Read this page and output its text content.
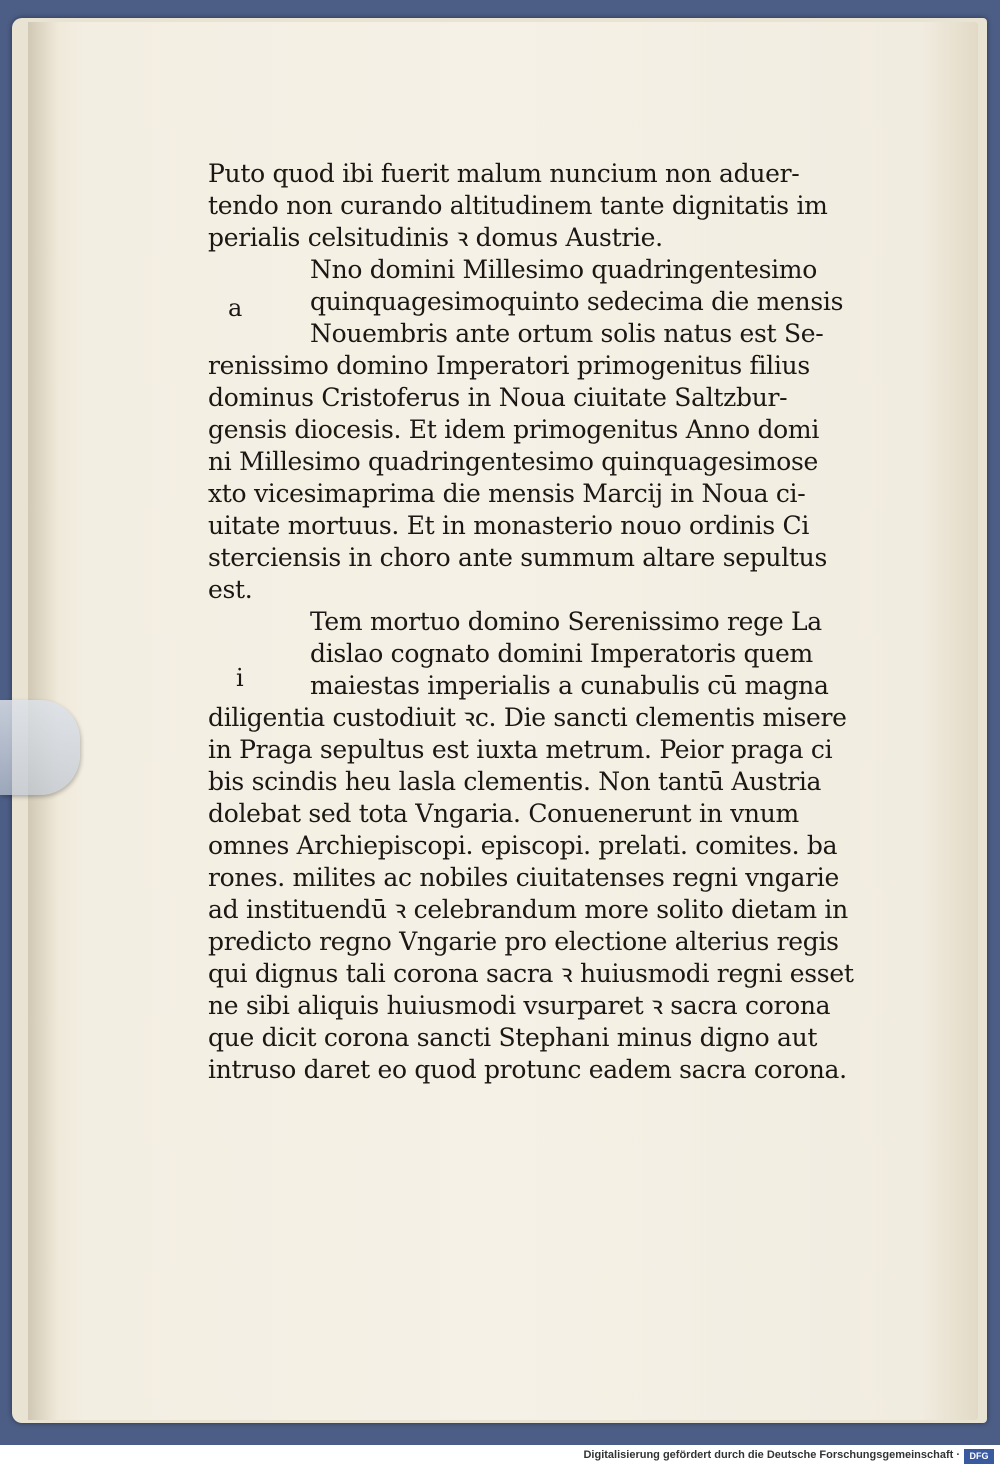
a
i
Puto quod ibi fuerit malum nuncium non aduer-
tendo non curando altitudinem tante dignitatis im
perialis celsitudinis ꝛ domus Austrie.
Nno domini Millesimo quadringentesimo
quinquagesimoquinto sedecima die mensis
Nouembris ante ortum solis natus est Se-
renissimo domino Imperatori primogenitus filius
dominus Cristoferus in Noua ciuitate Saltzbur-
gensis diocesis. Et idem primogenitus Anno domi
ni Millesimo quadringentesimo quinquagesimose
xto vicesimaprima die mensis Marcij in Noua ci-
uitate mortuus. Et in monasterio nouo ordinis Ci
sterciensis in choro ante summum altare sepultus
est.
Tem mortuo domino Serenissimo rege La
dislao cognato domini Imperatoris quem
maiestas imperialis a cunabulis cū magna
diligentia custodiuit ꝛc. Die sancti clementis misere
in Praga sepultus est iuxta metrum. Peior praga ci
bis scindis heu lasla clementis. Non tantū Austria
dolebat sed tota Vngaria. Conuenerunt in vnum
omnes Archiepiscopi. episcopi. prelati. comites. ba
rones. milites ac nobiles ciuitatenses regni vngarie
ad instituendū ꝛ celebrandum more solito dietam in
predicto regno Vngarie pro electione alterius regis
qui dignus tali corona sacra ꝛ huiusmodi regni esset
ne sibi aliquis huiusmodi vsurparet ꝛ sacra corona
que dicit corona sancti Stephani minus digno aut
intruso daret eo quod protunc eadem sacra corona.
Digitalisierung gefördert durch die Deutsche Forschungsgemeinschaft ·	DFG
